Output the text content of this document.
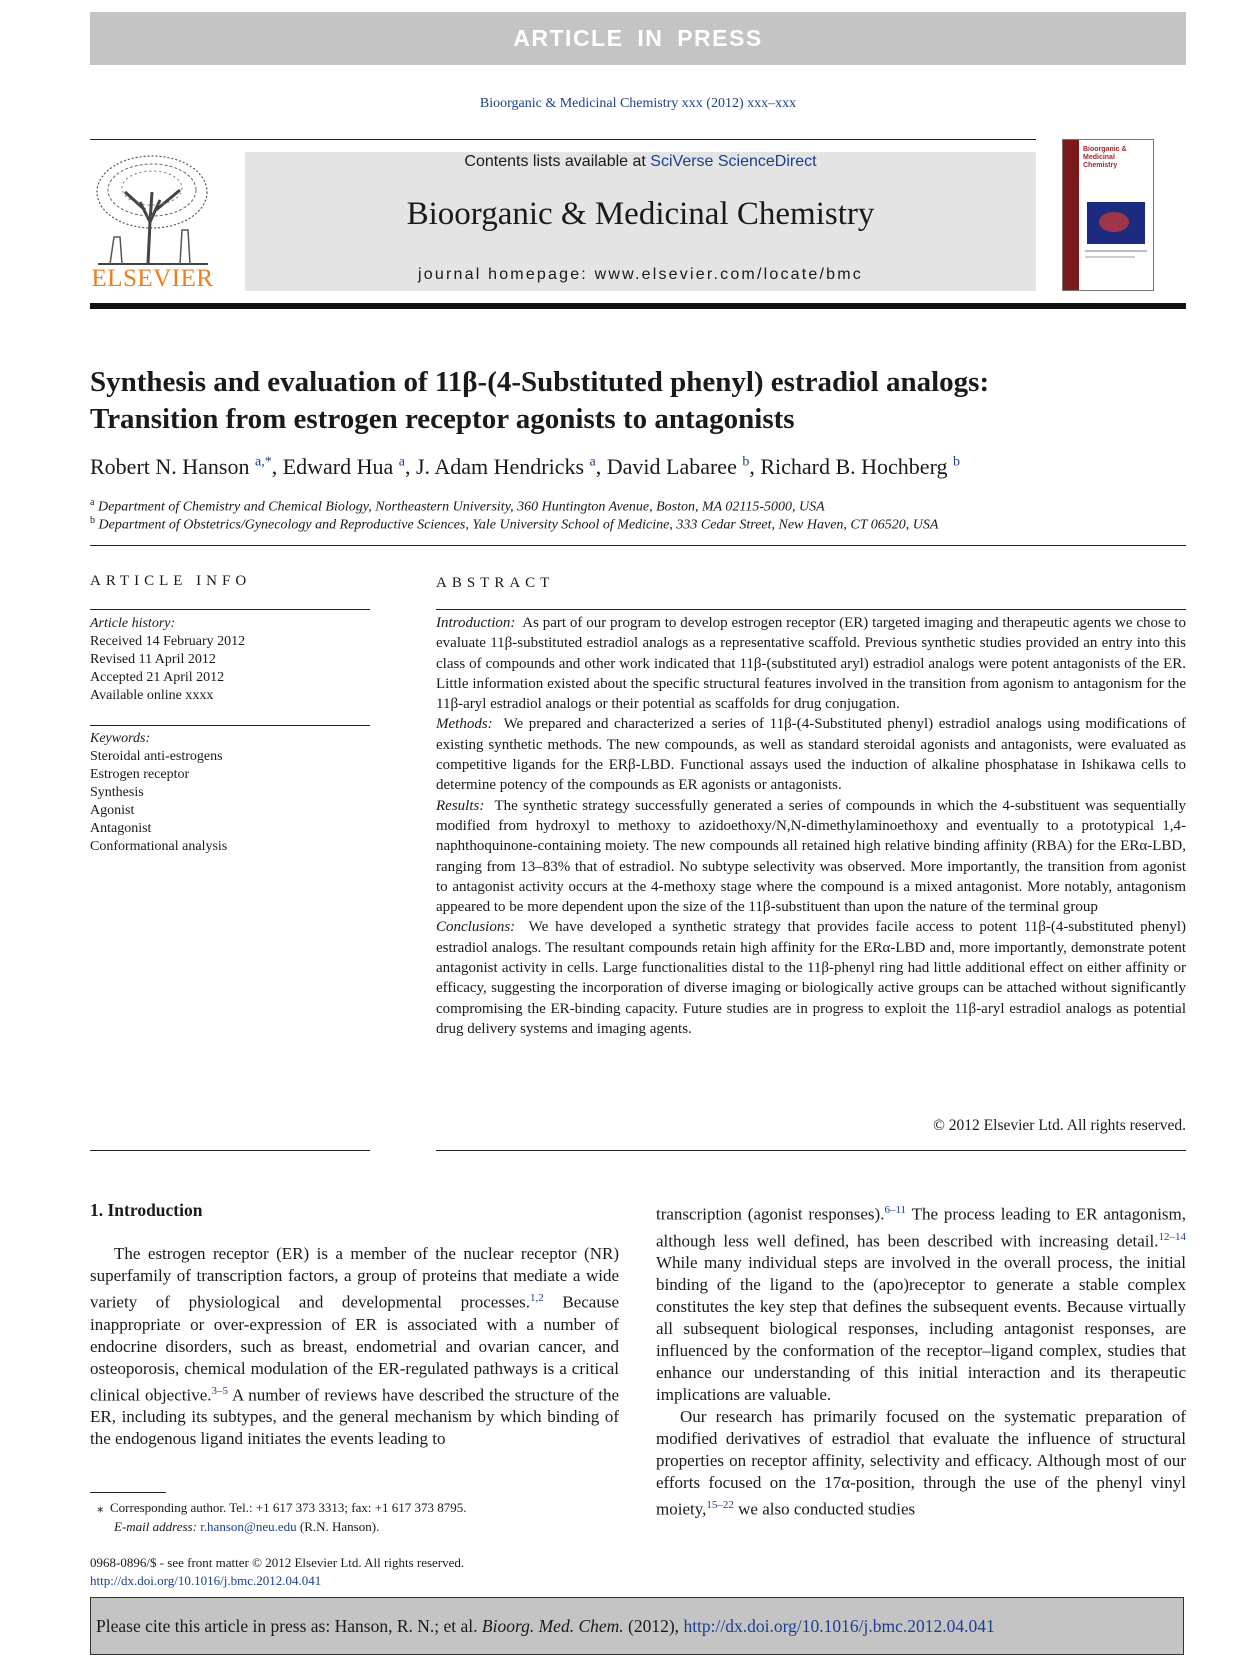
ARTICLE IN PRESS
Bioorganic & Medicinal Chemistry xxx (2012) xxx–xxx
ELSEVIER
Contents lists available at SciVerse ScienceDirect
Bioorganic & Medicinal Chemistry
journal homepage: www.elsevier.com/locate/bmc
Bioorganic & Medicinal Chemistry
Synthesis and evaluation of 11β-(4-Substituted phenyl) estradiol analogs:
Transition from estrogen receptor agonists to antagonists
Robert N. Hanson $^{a,*}$, Edward Hua $^a$, J. Adam Hendricks $^a$, David Labaree $^b$, Richard B. Hochberg $^b$
$^a$ Department of Chemistry and Chemical Biology, Northeastern University, 360 Huntington Avenue, Boston, MA 02115-5000, USA
$^b$ Department of Obstetrics/Gynecology and Reproductive Sciences, Yale University School of Medicine, 333 Cedar Street, New Haven, CT 06520, USA
ARTICLE INFO
Article history:
Received 14 February 2012
Revised 11 April 2012
Accepted 21 April 2012
Available online xxxx
Keywords:
Steroidal anti-estrogens
Estrogen receptor
Synthesis
Agonist
Antagonist
Conformational analysis
ABSTRACT

Introduction: As part of our program to develop estrogen receptor (ER) targeted imaging and therapeutic agents we chose to evaluate 11β-substituted estradiol analogs as a representative scaffold. Previous synthetic studies provided an entry into this class of compounds and other work indicated that 11β-(substituted aryl) estradiol analogs were potent antagonists of the ER. Little information existed about the specific structural features involved in the transition from agonism to antagonism for the 11β-aryl estradiol analogs or their potential as scaffolds for drug conjugation.

Methods: We prepared and characterized a series of 11β-(4-Substituted phenyl) estradiol analogs using modifications of existing synthetic methods. The new compounds, as well as standard steroidal agonists and antagonists, were evaluated as competitive ligands for the ERβ-LBD. Functional assays used the induction of alkaline phosphatase in Ishikawa cells to determine potency of the compounds as ER agonists or antagonists.

Results: The synthetic strategy successfully generated a series of compounds in which the 4-substituent was sequentially modified from hydroxyl to methoxy to azidoethoxy/N,N-dimethylaminoethoxy and eventually to a prototypical 1,4-naphthoquinone-containing moiety. The new compounds all retained high relative binding affinity (RBA) for the ERα-LBD, ranging from 13–83% that of estradiol. No subtype selectivity was observed. More importantly, the transition from agonist to antagonist activity occurs at the 4-methoxy stage where the compound is a mixed antagonist. More notably, antagonism appeared to be more dependent upon the size of the 11β-substituent than upon the nature of the terminal group

Conclusions: We have developed a synthetic strategy that provides facile access to potent 11β-(4-substituted phenyl) estradiol analogs. The resultant compounds retain high affinity for the ERα-LBD and, more importantly, demonstrate potent antagonist activity in cells. Large functionalities distal to the 11β-phenyl ring had little additional effect on either affinity or efficacy, suggesting the incorporation of diverse imaging or biologically active groups can be attached without significantly compromising the ER-binding capacity. Future studies are in progress to exploit the 11β-aryl estradiol analogs as potential drug delivery systems and imaging agents.

© 2012 Elsevier Ltd. All rights reserved.
1. Introduction

The estrogen receptor (ER) is a member of the nuclear receptor (NR) superfamily of transcription factors, a group of proteins that mediate a wide variety of physiological and developmental processes.$^{1,2}$ Because inappropriate or over-expression of ER is associated with a number of endocrine disorders, such as breast, endometrial and ovarian cancer, and osteoporosis, chemical modulation of the ER-regulated pathways is a critical clinical objective.$^{3-5}$ A number of reviews have described the structure of the ER, including its subtypes, and the general mechanism by which binding of the endogenous ligand initiates the events leading to

transcription (agonist responses).$^{6-11}$ The process leading to ER antagonism, although less well defined, has been described with increasing detail.$^{12-14}$ While many individual steps are involved in the overall process, the initial binding of the ligand to the (apo)receptor to generate a stable complex constitutes the key step that defines the subsequent events. Because virtually all subsequent biological responses, including antagonist responses, are influenced by the conformation of the receptor–ligand complex, studies that enhance our understanding of this initial interaction and its therapeutic implications are valuable.

Our research has primarily focused on the systematic preparation of modified derivatives of estradiol that evaluate the influence of structural properties on receptor affinity, selectivity and efficacy. Although most of our efforts focused on the 17α-position, through the use of the phenyl vinyl moiety,$^{15-22}$ we also conducted studies

⁎ Corresponding author. Tel.: +1 617 373 3313; fax: +1 617 373 8795.
E-mail address: r.hanson@neu.edu (R.N. Hanson).
0968-0896/$ - see front matter © 2012 Elsevier Ltd. All rights reserved.
http://dx.doi.org/10.1016/j.bmc.2012.04.041
Please cite this article in press as: Hanson, R. N.; et al.
Bioorg. Med. Chem.
(2012),
http://dx.doi.org/10.1016/j.bmc.2012.04.041
